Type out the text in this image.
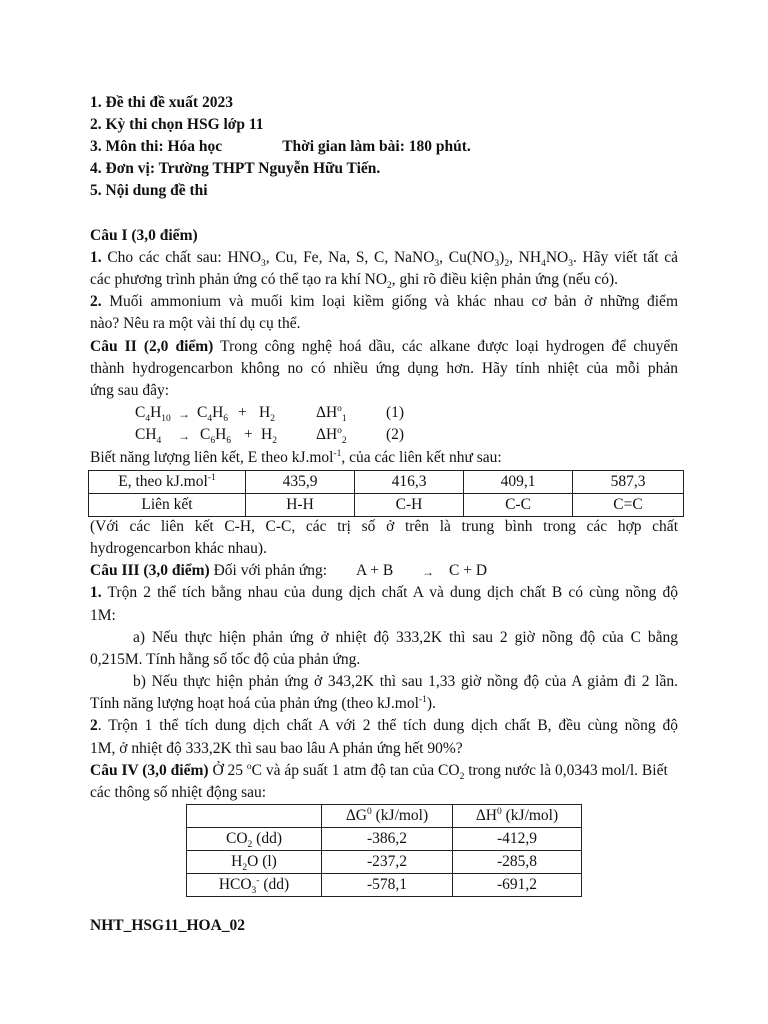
1. Đề thi đề xuất 2023
2. Kỳ thi chọn HSG lớp 11
3. Môn thi: Hóa học	Thời gian làm bài: 180 phút.
4. Đơn vị: Trường THPT Nguyễn Hữu Tiến.
5. Nội dung đề thi
Câu I (3,0 điểm)
1. Cho các chất sau: $HNO_3$, Cu, Fe, Na, S, C, NaNO$_3$, $Cu(NO_3)_2$, $NH_4NO_3$. Hãy viết tất cả
các phương trình phản ứng có thể tạo ra khí $NO_2$, ghi rõ điều kiện phản ứng (nếu có).
2. Muối ammonium và muối kim loại kiềm giống và khác nhau cơ bản ở những điểm
nào? Nêu ra một vài thí dụ cụ thể.
Câu II (2,0 điểm) Trong công nghệ hoá dầu, các alkane được loại hydrogen để chuyển
thành hydrogencarbon không no có nhiều ứng dụng hơn. Hãy tính nhiệt của mỗi phản
ứng sau đây:
$C_4H_{10} \to C_4H_6 + H_2$	$\Delta H^o_1$	(1)
$CH_4 \to C_6H_6 + H_2$	$\Delta H^o_2$	(2)
Biết năng lượng liên kết, E theo kJ.mol$^{-1}$, của các liên kết như sau:
E, theo kJ.mol$^{-1}$	435,9	416,3	409,1	587,3
Liên kết	H-H	C-H	C-C	C=C
(Với các liên kết C-H, C-C, các trị số ở trên là trung bình trong các hợp chất
hydrogencarbon khác nhau).
Câu III (3,0 điểm) Đối với phản ứng: A + B → C + D
1. Trộn 2 thể tích bằng nhau của dung dịch chất A và dung dịch chất B có cùng nồng độ
1M:
a) Nếu thực hiện phản ứng ở nhiệt độ 333,2K thì sau 2 giờ nồng độ của C bằng
0,215M. Tính hằng số tốc độ của phản ứng.
b) Nếu thực hiện phản ứng ở 343,2K thì sau 1,33 giờ nồng độ của A giảm đi 2 lần.
Tính năng lượng hoạt hoá của phản ứng (theo kJ.mol$^{-1}$).
2. Trộn 1 thể tích dung dịch chất A với 2 thể tích dung dịch chất B, đều cùng nồng độ
1M, ở nhiệt độ 333,2K thì sau bao lâu A phản ứng hết 90%?
Câu IV (3,0 điểm) Ở 25 $^o$C và áp suất 1 atm độ tan của $CO_2$ trong nước là 0,0343 mol/l. Biết
các thông số nhiệt động sau:
	$\Delta G^0$ (kJ/mol)	$\Delta H^0$ (kJ/mol)
$CO_2$ (dd)	-386,2	-412,9
$H_2O$ (l)	-237,2	-285,8
$HCO_3^-$ (dd)	-578,1	-691,2
NHT_HSG11_HOA_02
